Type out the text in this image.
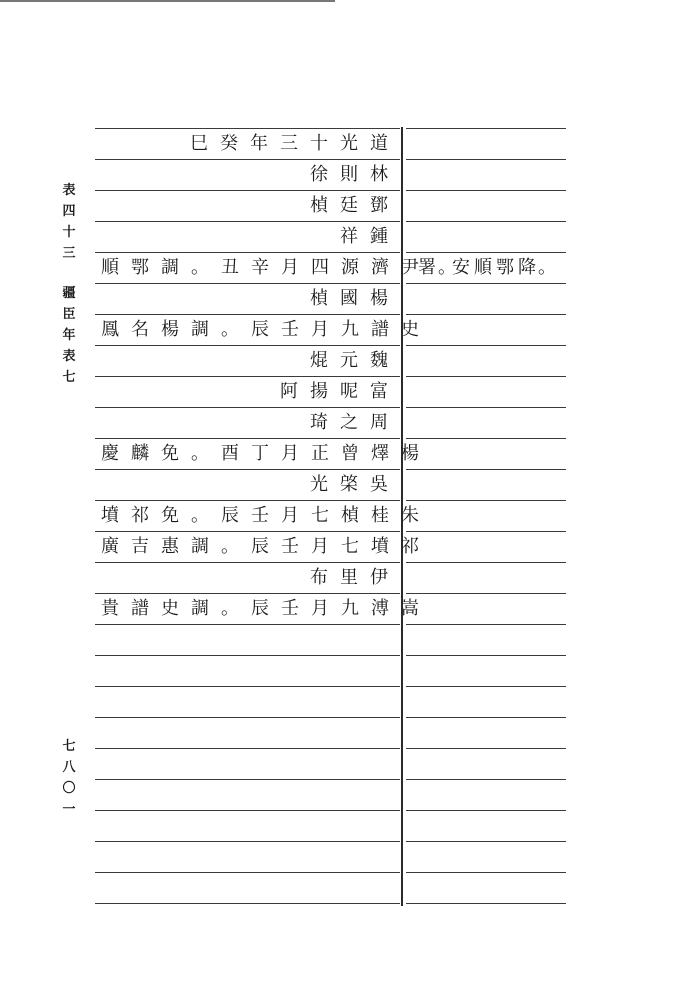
表
四
十
三
疆
臣
年
表
七
七
八
〇
一
巳 癸 年 三 十 光 道
徐 則 林
楨 廷 鄧
祥 鍾
順 鄂 調 。 丑 辛 月 四 源 濟 尹 署 。安 順 鄂 降 。
楨 國 楊
鳳 名 楊 調 。 辰 壬 月 九 譜 史
焜 元 魏
阿 揚 呢 富
琦 之 周
慶 麟 免 。 酉 丁 月 正 曾 燡 楊
光 棨 吳
墳 祁 免 。 辰 壬 月 七 楨 桂 朱
廣 吉 惠 調 。 辰 壬 月 七 墳 祁
布 里 伊
貴 譜 史 調 。 辰 壬 月 九 溥 嵩
